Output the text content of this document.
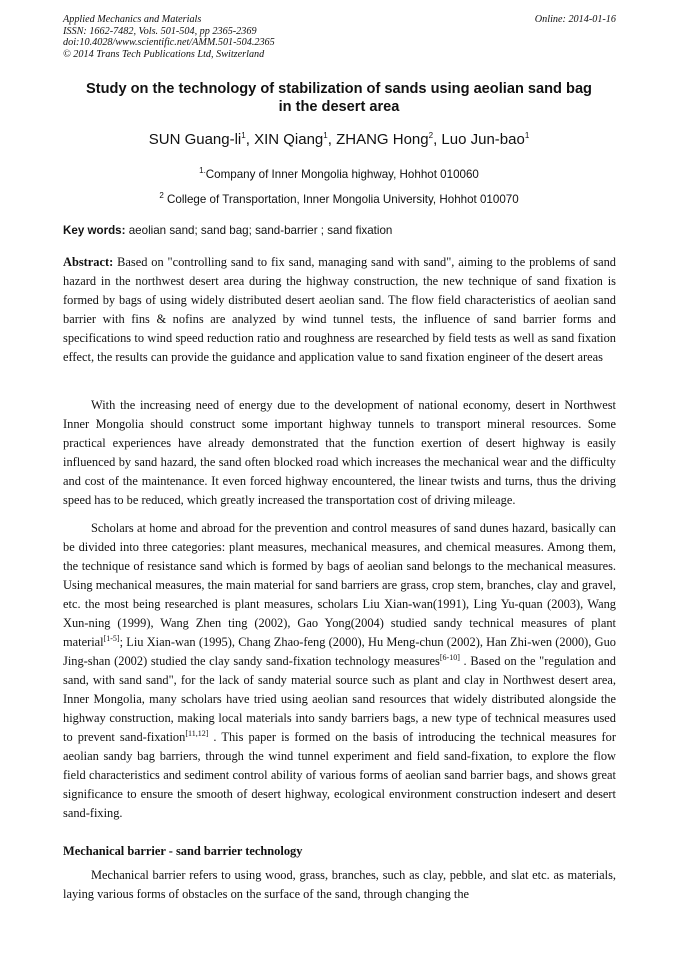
Applied Mechanics and Materials
ISSN: 1662-7482, Vols. 501-504, pp 2365-2369
doi:10.4028/www.scientific.net/AMM.501-504.2365
© 2014 Trans Tech Publications Ltd, Switzerland
Online: 2014-01-16
Study on the technology of stabilization of sands using aeolian sand bag
in the desert area
SUN Guang-$li^1$, XIN Qiang$^1$, ZHANG Hong$^2$, Luo Jun-bao$^1$
$^{1.}$Company of Inner Mongolia highway, Hohhot 010060
$^2$ College of Transportation, Inner Mongolia University, Hohhot 010070
Key words: aeolian sand; sand bag; sand-barrier ; sand fixation
Abstract: Based on "controlling sand to fix sand, managing sand with sand", aiming to the problems of sand hazard in the northwest desert area during the highway construction, the new technique of sand fixation is formed by bags of using widely distributed desert aeolian sand. The flow field characteristics of aeolian sand barrier with fins & nofins are analyzed by wind tunnel tests, the influence of sand barrier forms and specifications to wind speed reduction ratio and roughness are researched by field tests as well as sand fixation effect, the results can provide the guidance and application value to sand fixation engineer of the desert areas
With the increasing need of energy due to the development of national economy, desert in Northwest Inner Mongolia should construct some important highway tunnels to transport mineral resources. Some practical experiences have already demonstrated that the function exertion of desert highway is easily influenced by sand hazard, the sand often blocked road which increases the mechanical wear and the difficulty and cost of the maintenance. It even forced highway encountered, the linear twists and turns, thus the driving speed has to be reduced, which greatly increased the transportation cost of driving mileage.
Scholars at home and abroad for the prevention and control measures of sand dunes hazard, basically can be divided into three categories: plant measures, mechanical measures, and chemical measures. Among them, the technique of resistance sand which is formed by bags of aeolian sand belongs to the mechanical measures. Using mechanical measures, the main material for sand barriers are grass, crop stem, branches, clay and gravel, etc. the most being researched is plant measures, scholars Liu Xian-wan(1991), Ling Yu-quan (2003), Wang Xun-ning (1999), Wang Zhen ting (2002), Gao Yong(2004) studied sandy technical measures of plant material[1-5]; Liu Xian-wan (1995), Chang Zhao-feng (2000), Hu Meng-chun (2002), Han Zhi-wen (2000), Guo Jing-shan (2002) studied the clay sandy sand-fixation technology measures[6-10] . Based on the "regulation and sand, with sand sand", for the lack of sandy material source such as plant and clay in Northwest desert area, Inner Mongolia, many scholars have tried using aeolian sand resources that widely distributed alongside the highway construction, making local materials into sandy barriers bags, a new type of technical measures used to prevent sand-fixation[11,12] . This paper is formed on the basis of introducing the technical measures for aeolian sandy bag barriers, through the wind tunnel experiment and field sand-fixation, to explore the flow field characteristics and sediment control ability of various forms of aeolian sand barrier bags, and shows great significance to ensure the smooth of desert highway, ecological environment construction indesert and desert sand-fixing.
Mechanical barrier - sand barrier technology
Mechanical barrier refers to using wood, grass, branches, such as clay, pebble, and slat etc. as materials, laying various forms of obstacles on the surface of the sand, through changing the
